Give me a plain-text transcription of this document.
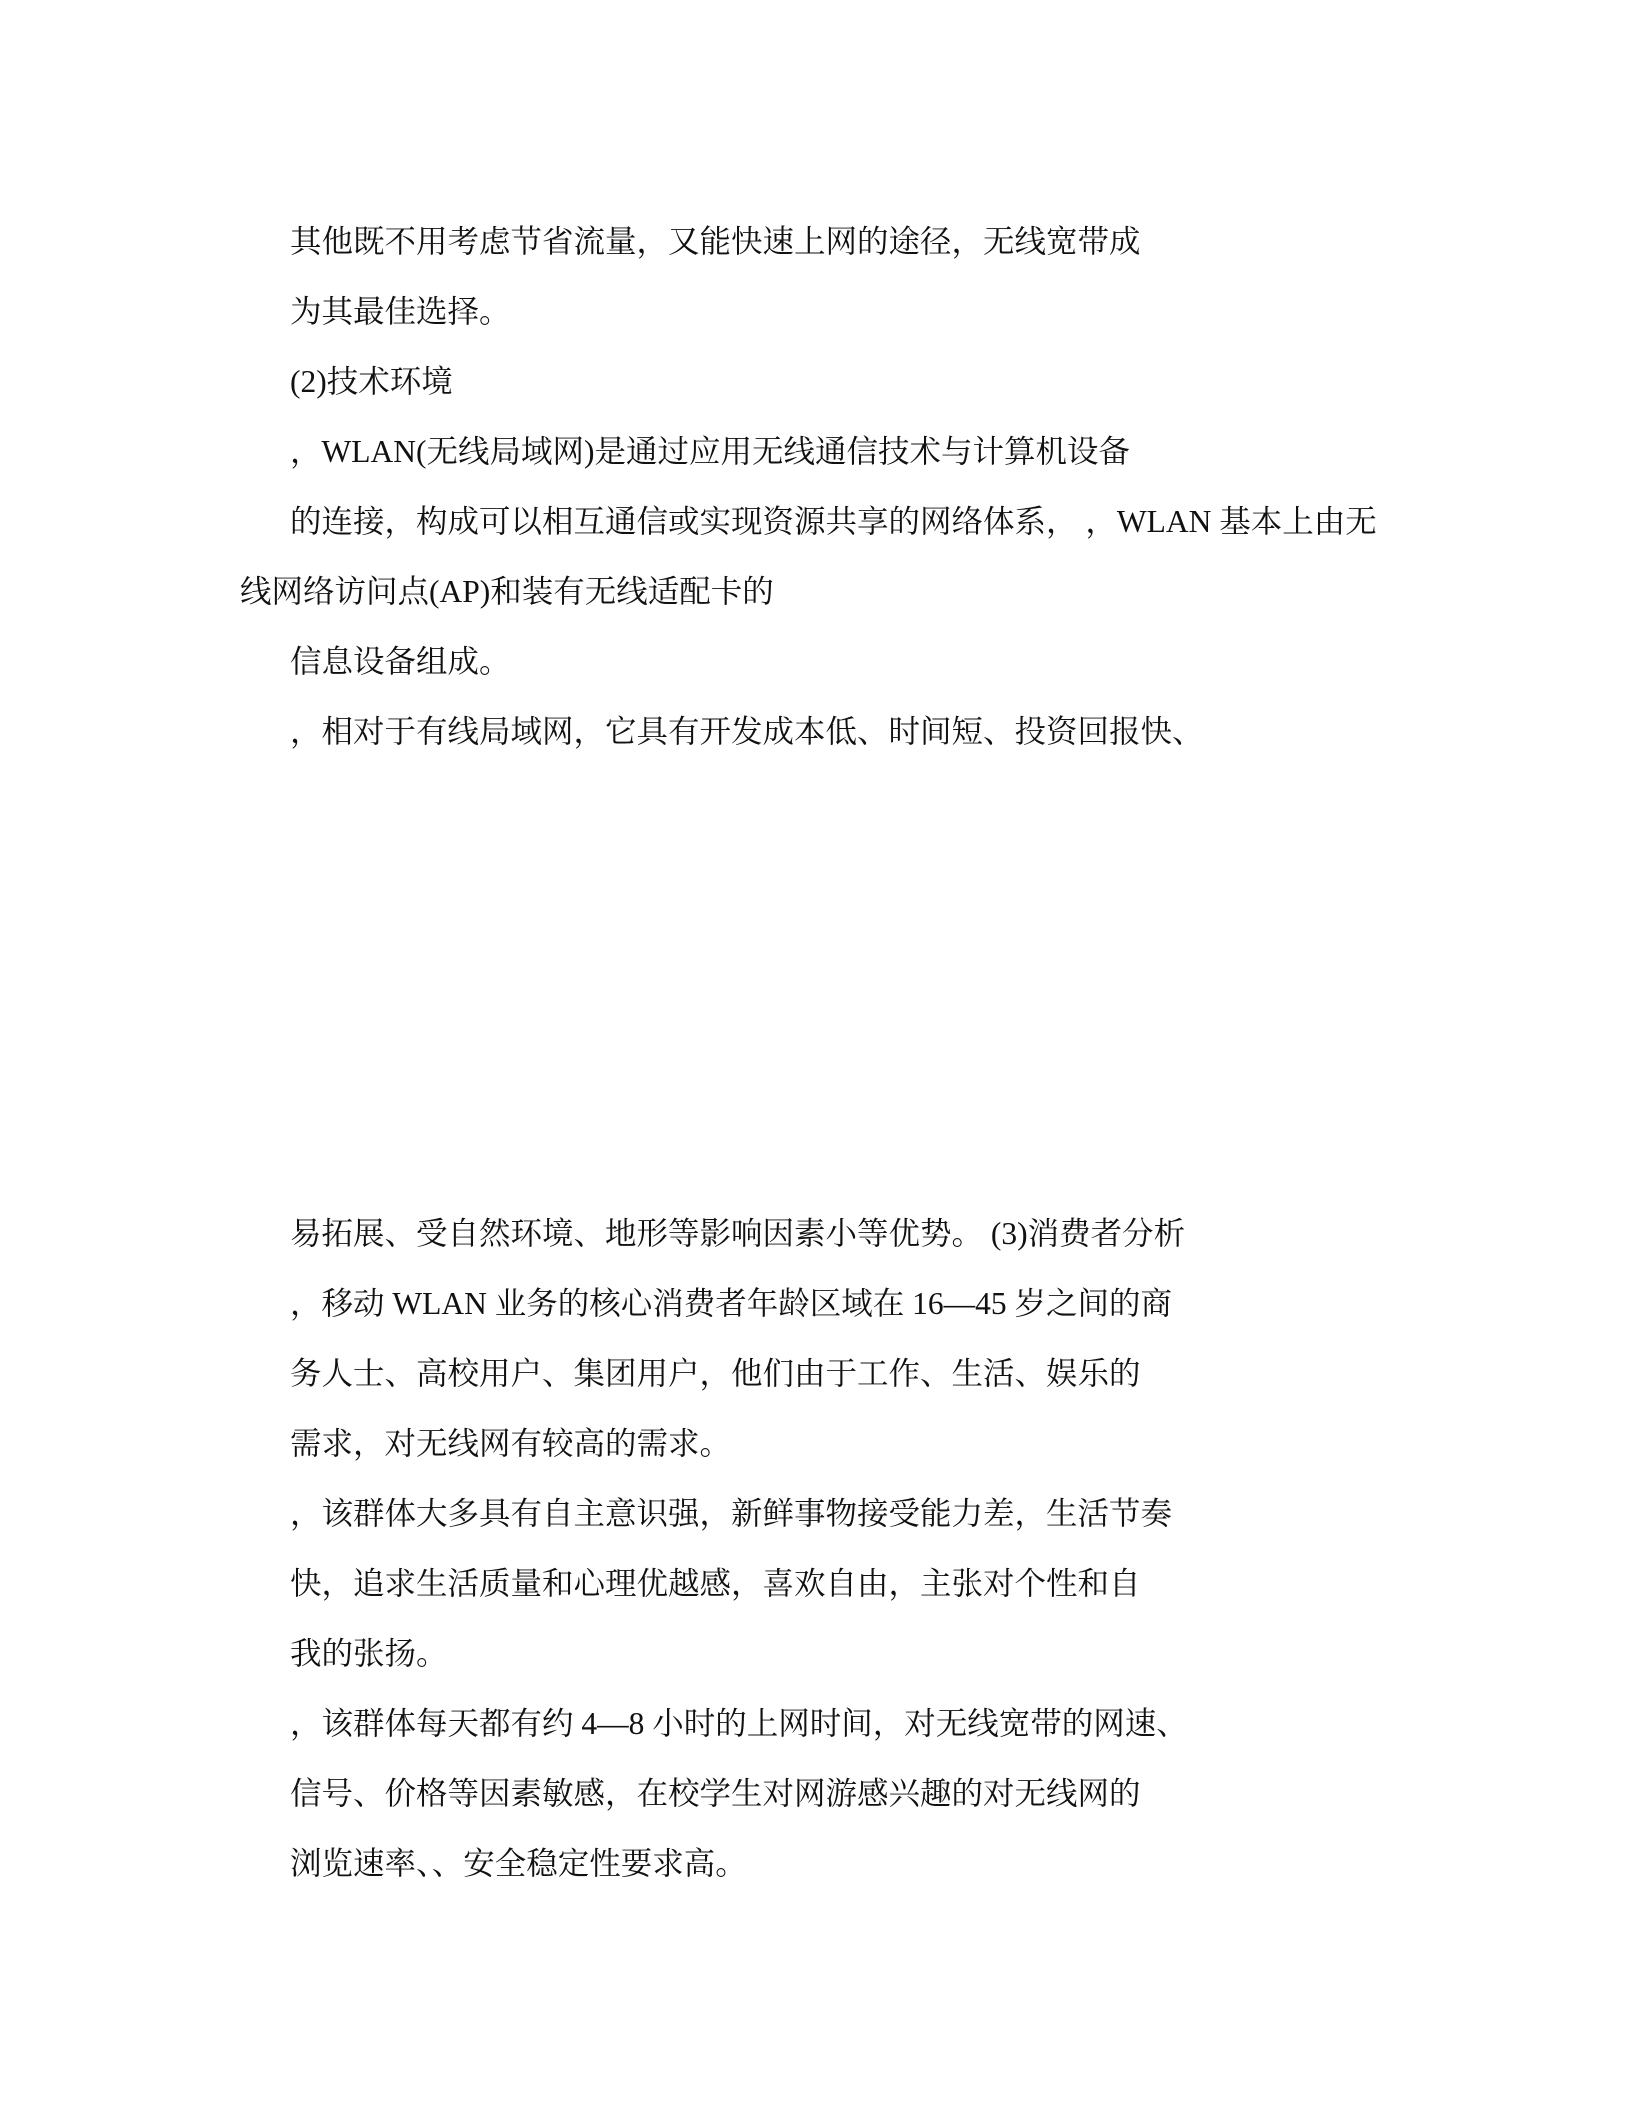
其他既不用考虑节省流量，又能快速上网的途径，无线宽带成
为其最佳选择。
(2)技术环境
，WLAN(无线局域网)是通过应用无线通信技术与计算机设备
的连接，构成可以相互通信或实现资源共享的网络体系， ，WLAN 基本上由无
线网络访问点(AP)和装有无线适配卡的
信息设备组成。
，相对于有线局域网，它具有开发成本低、时间短、投资回报快、
易拓展、受自然环境、地形等影响因素小等优势。 (3)消费者分析
，移动 WLAN 业务的核心消费者年龄区域在 16—45 岁之间的商
务人士、高校用户、集团用户，他们由于工作、生活、娱乐的
需求，对无线网有较高的需求。
，该群体大多具有自主意识强，新鲜事物接受能力差，生活节奏
快，追求生活质量和心理优越感，喜欢自由，主张对个性和自
我的张扬。
，该群体每天都有约 4—8 小时的上网时间，对无线宽带的网速、
信号、价格等因素敏感，在校学生对网游感兴趣的对无线网的
浏览速率、、安全稳定性要求高。
